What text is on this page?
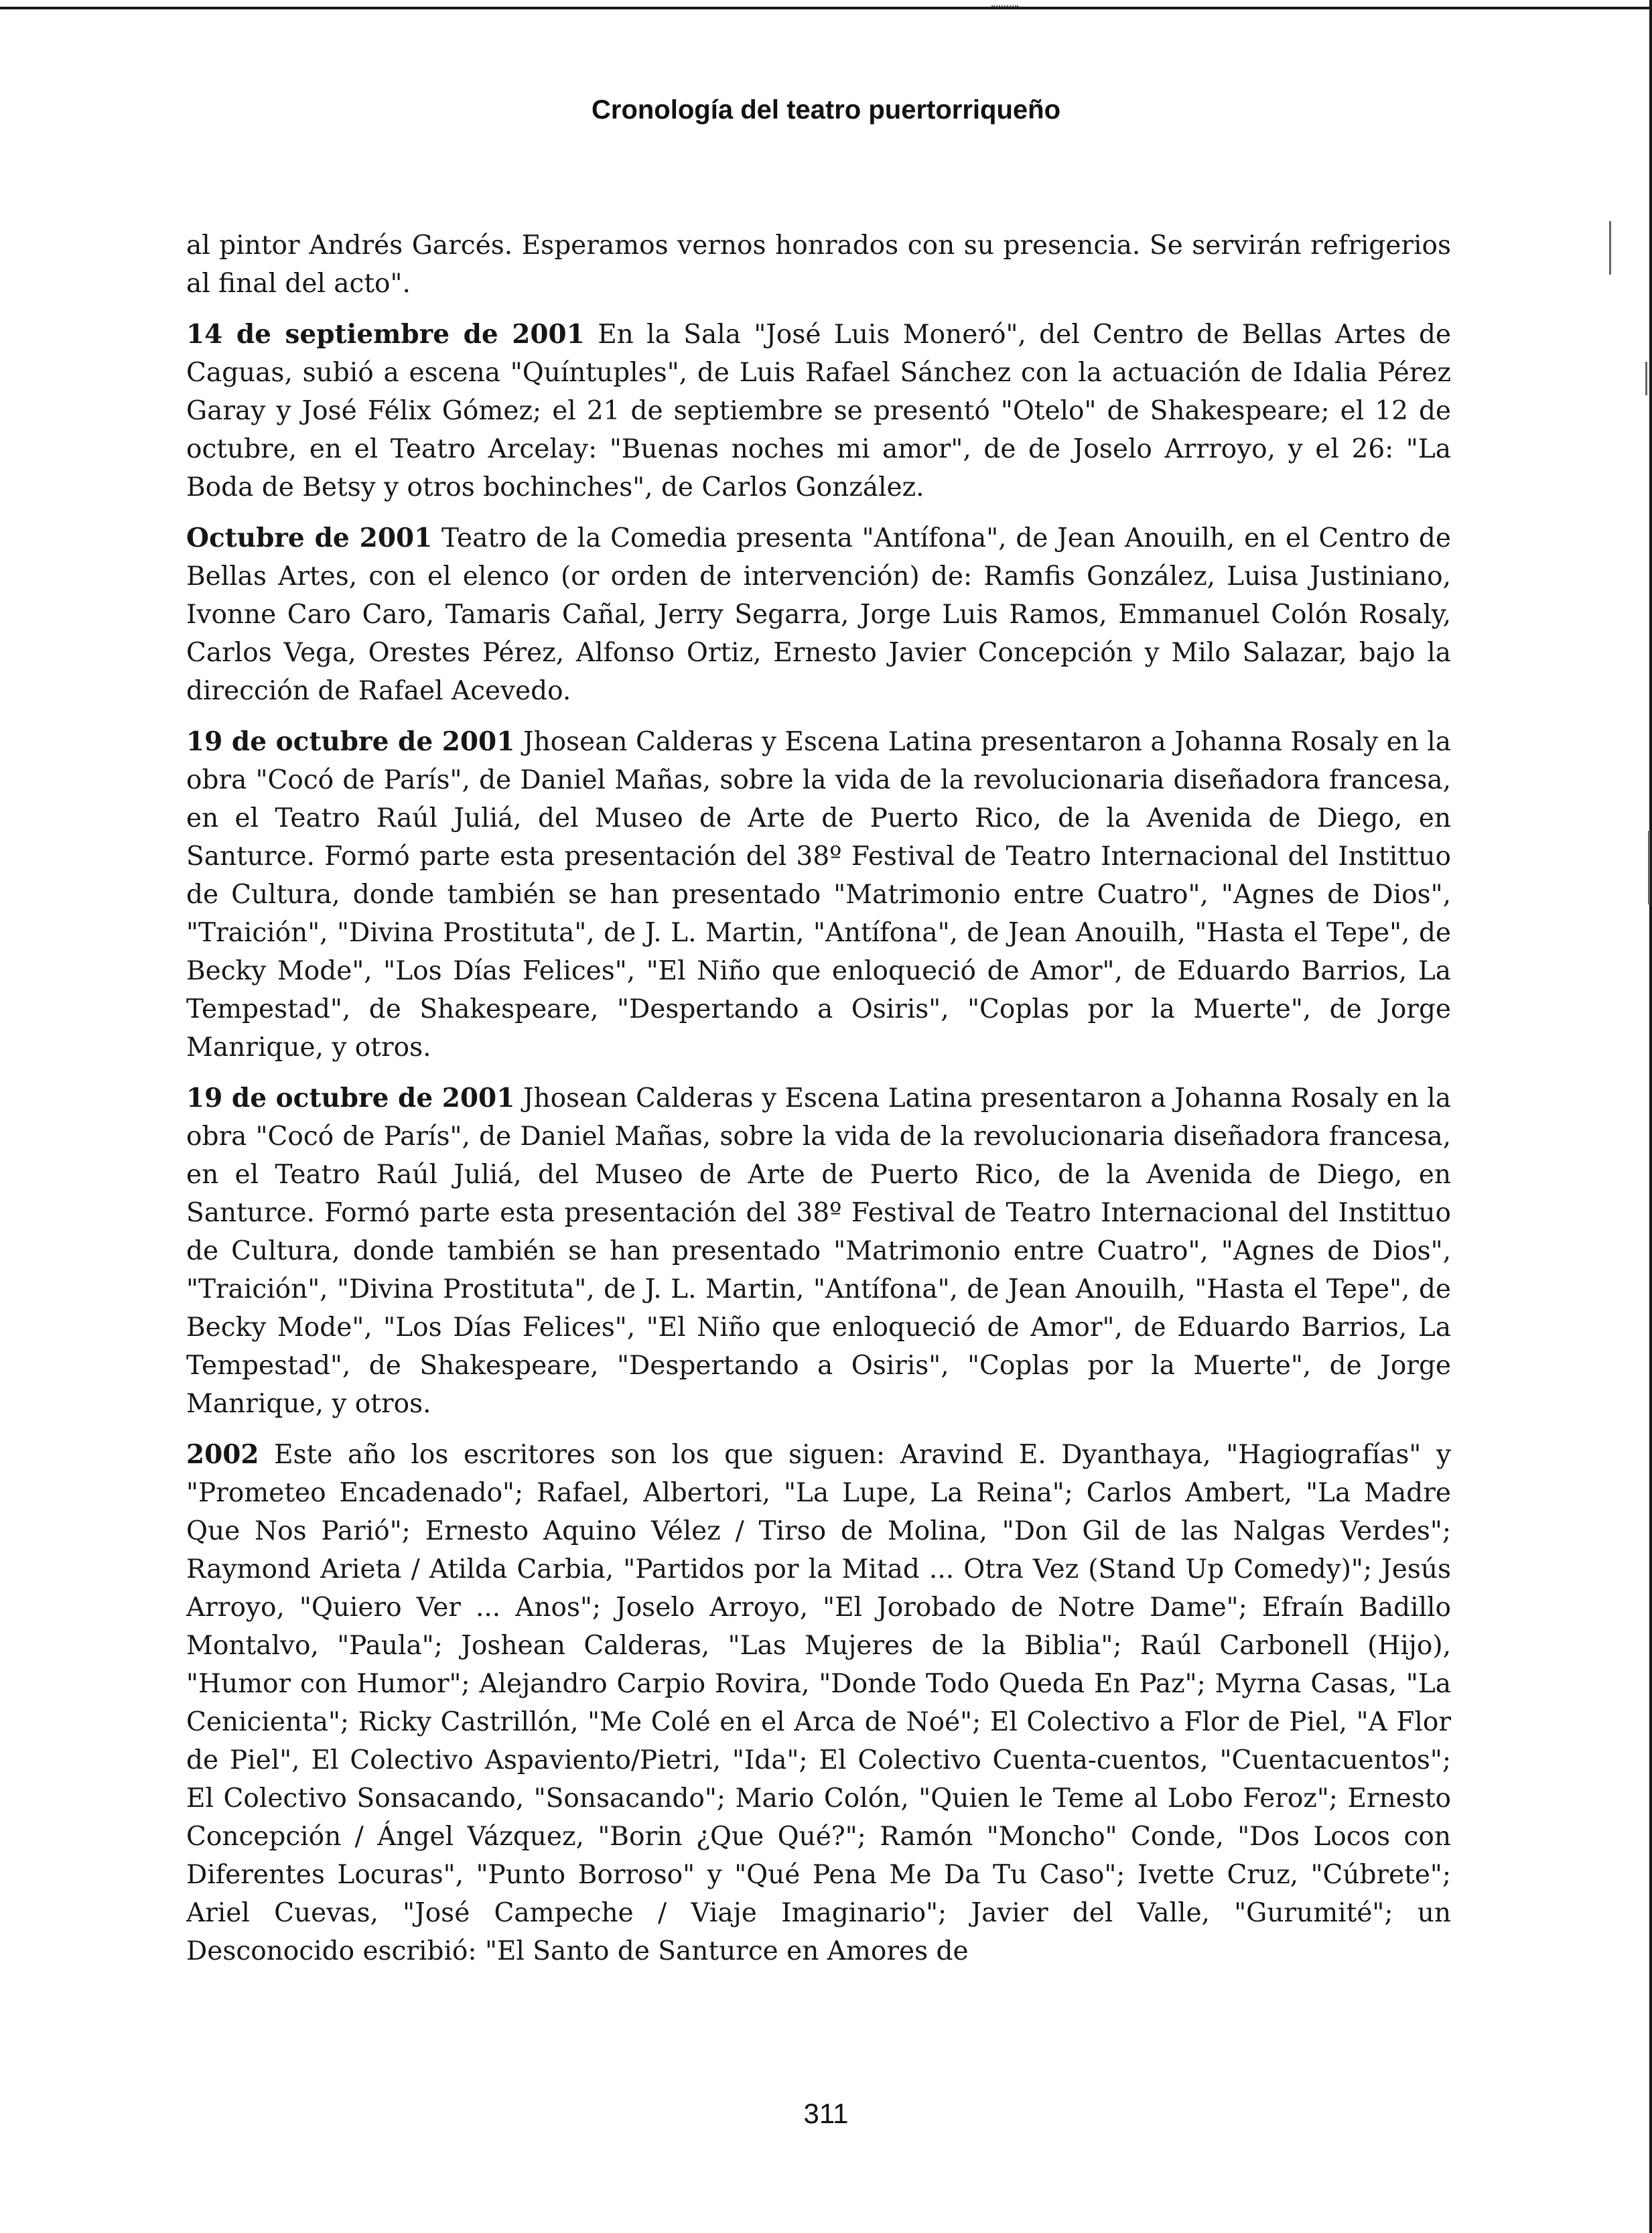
Cronología del teatro puertorriqueño

al pintor Andrés Garcés. Esperamos vernos honrados con su presencia. Se servirán refrigerios al final del acto".

14 de septiembre de 2001 En la Sala "José Luis Moneró", del Centro de Bellas Artes de Caguas, subió a escena "Quíntuples", de Luis Rafael Sánchez con la actuación de Idalia Pérez Garay y José Félix Gómez; el 21 de septiembre se presentó "Otelo" de Shakespeare; el 12 de octubre, en el Teatro Arcelay: "Buenas noches mi amor", de de Joselo Arrroyo, y el 26: "La Boda de Betsy y otros bochinches", de Carlos González.

Octubre de 2001 Teatro de la Comedia presenta "Antífona", de Jean Anouilh, en el Centro de Bellas Artes, con el elenco (or orden de intervención) de: Ramfis González, Luisa Justiniano, Ivonne Caro Caro, Tamaris Cañal, Jerry Segarra, Jorge Luis Ramos, Emmanuel Colón Rosaly, Carlos Vega, Orestes Pérez, Alfonso Ortiz, Ernesto Javier Concepción y Milo Salazar, bajo la dirección de Rafael Acevedo.

19 de octubre de 2001 Jhosean Calderas y Escena Latina presentaron a Johanna Rosaly en la obra "Cocó de París", de Daniel Mañas, sobre la vida de la revolucionaria diseñadora francesa, en el Teatro Raúl Juliá, del Museo de Arte de Puerto Rico, de la Avenida de Diego, en Santurce. Formó parte esta presentación del 38º Festival de Teatro Internacional del Instittuo de Cultura, donde también se han presentado "Matrimonio entre Cuatro", "Agnes de Dios", "Traición", "Divina Prostituta", de J. L. Martin, "Antífona", de Jean Anouilh, "Hasta el Tepe", de Becky Mode", "Los Días Felices", "El Niño que enloqueció de Amor", de Eduardo Barrios, La Tempestad", de Shakespeare, "Despertando a Osiris", "Coplas por la Muerte", de Jorge Manrique, y otros.

19 de octubre de 2001 Jhosean Calderas y Escena Latina presentaron a Johanna Rosaly en la obra "Cocó de París", de Daniel Mañas, sobre la vida de la revolucionaria diseñadora francesa, en el Teatro Raúl Juliá, del Museo de Arte de Puerto Rico, de la Avenida de Diego, en Santurce. Formó parte esta presentación del 38º Festival de Teatro Internacional del Instittuo de Cultura, donde también se han presentado "Matrimonio entre Cuatro", "Agnes de Dios", "Traición", "Divina Prostituta", de J. L. Martin, "Antífona", de Jean Anouilh, "Hasta el Tepe", de Becky Mode", "Los Días Felices", "El Niño que enloqueció de Amor", de Eduardo Barrios, La Tempestad", de Shakespeare, "Despertando a Osiris", "Coplas por la Muerte", de Jorge Manrique, y otros.

2002 Este año los escritores son los que siguen: Aravind E. Dyanthaya, "Hagiografías" y "Prometeo Encadenado"; Rafael, Albertori, "La Lupe, La Reina"; Carlos Ambert, "La Madre Que Nos Parió"; Ernesto Aquino Vélez / Tirso de Molina, "Don Gil de las Nalgas Verdes"; Raymond Arieta / Atilda Carbia, "Partidos por la Mitad ... Otra Vez (Stand Up Comedy)"; Jesús Arroyo, "Quiero Ver ... Anos"; Joselo Arroyo, "El Jorobado de Notre Dame"; Efraín Badillo Montalvo, "Paula"; Joshean Calderas, "Las Mujeres de la Biblia"; Raúl Carbonell (Hijo), "Humor con Humor"; Alejandro Carpio Rovira, "Donde Todo Queda En Paz"; Myrna Casas, "La Cenicienta"; Ricky Castrillón, "Me Colé en el Arca de Noé"; El Colectivo a Flor de Piel, "A Flor de Piel", El Colectivo Aspaviento/Pietri, "Ida"; El Colectivo Cuenta-cuentos, "Cuentacuentos"; El Colectivo Sonsacando, "Sonsacando"; Mario Colón, "Quien le Teme al Lobo Feroz"; Ernesto Concepción / Ángel Vázquez, "Borin ¿Que Qué?"; Ramón "Moncho" Conde, "Dos Locos con Diferentes Locuras", "Punto Borroso" y "Qué Pena Me Da Tu Caso"; Ivette Cruz, "Cúbrete"; Ariel Cuevas, "José Campeche / Viaje Imaginario"; Javier del Valle, "Gurumité"; un Desconocido escribió: "El Santo de Santurce en Amores de

311
